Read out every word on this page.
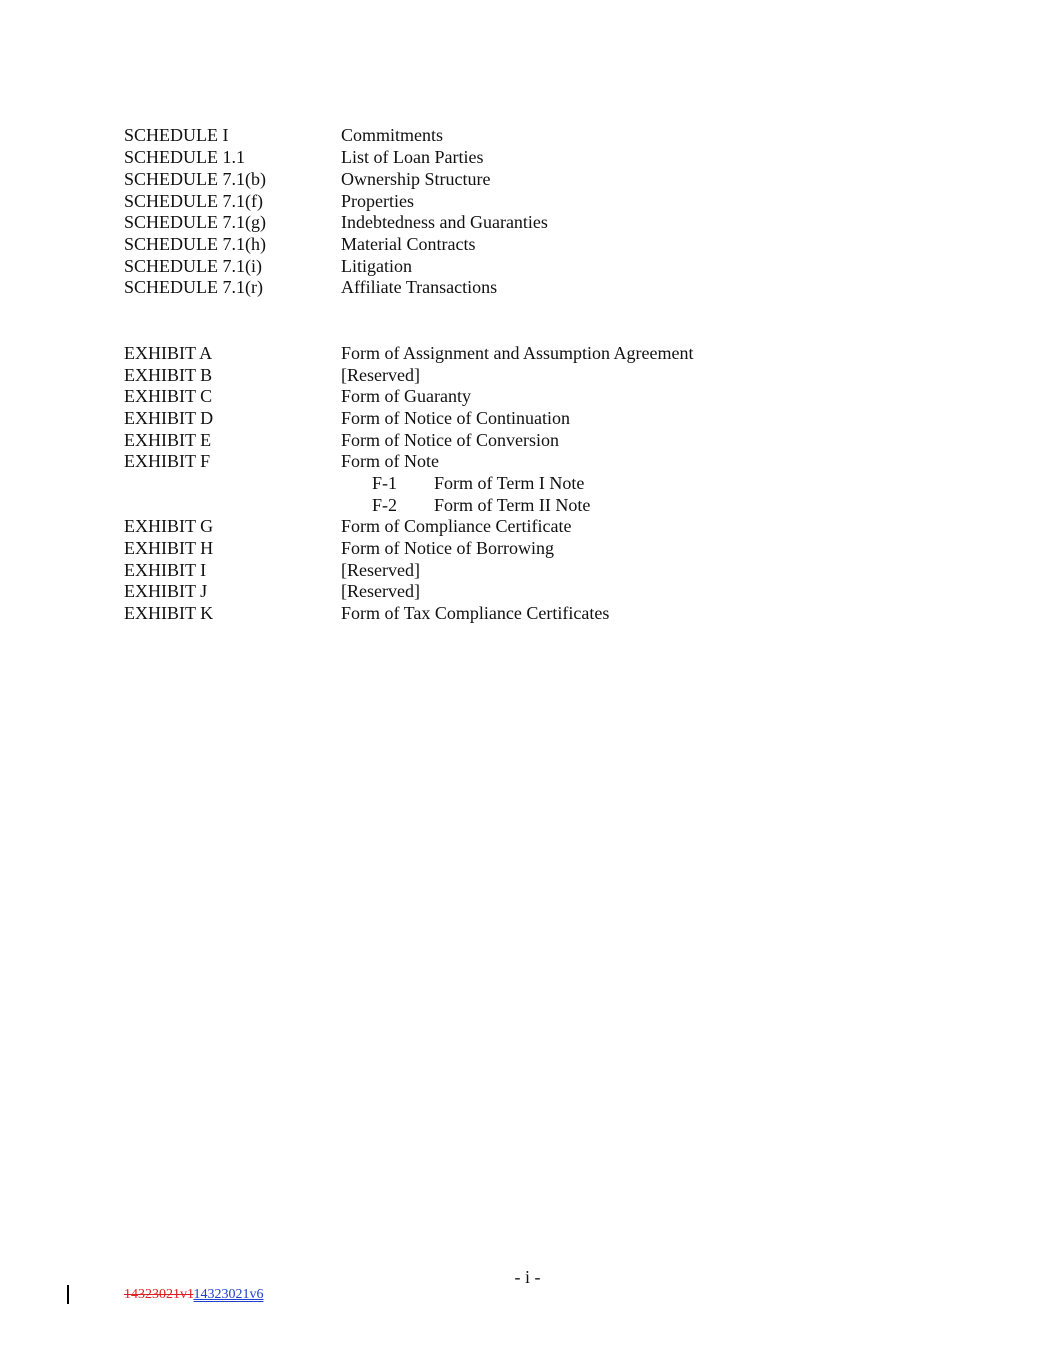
SCHEDULE I	Commitments
SCHEDULE 1.1	List of Loan Parties
SCHEDULE 7.1(b)	Ownership Structure
SCHEDULE 7.1(f)	Properties
SCHEDULE 7.1(g)	Indebtedness and Guaranties
SCHEDULE 7.1(h)	Material Contracts
SCHEDULE 7.1(i)	Litigation
SCHEDULE 7.1(r)	Affiliate Transactions
EXHIBIT A	Form of Assignment and Assumption Agreement
EXHIBIT B	[Reserved]
EXHIBIT C	Form of Guaranty
EXHIBIT D	Form of Notice of Continuation
EXHIBIT E	Form of Notice of Conversion
EXHIBIT F	Form of Note
F-1 Form of Term I Note
F-2 Form of Term II Note
EXHIBIT G	Form of Compliance Certificate
EXHIBIT H	Form of Notice of Borrowing
EXHIBIT I	[Reserved]
EXHIBIT J	[Reserved]
EXHIBIT K	Form of Tax Compliance Certificates
- i -
14323021v114323021v6
